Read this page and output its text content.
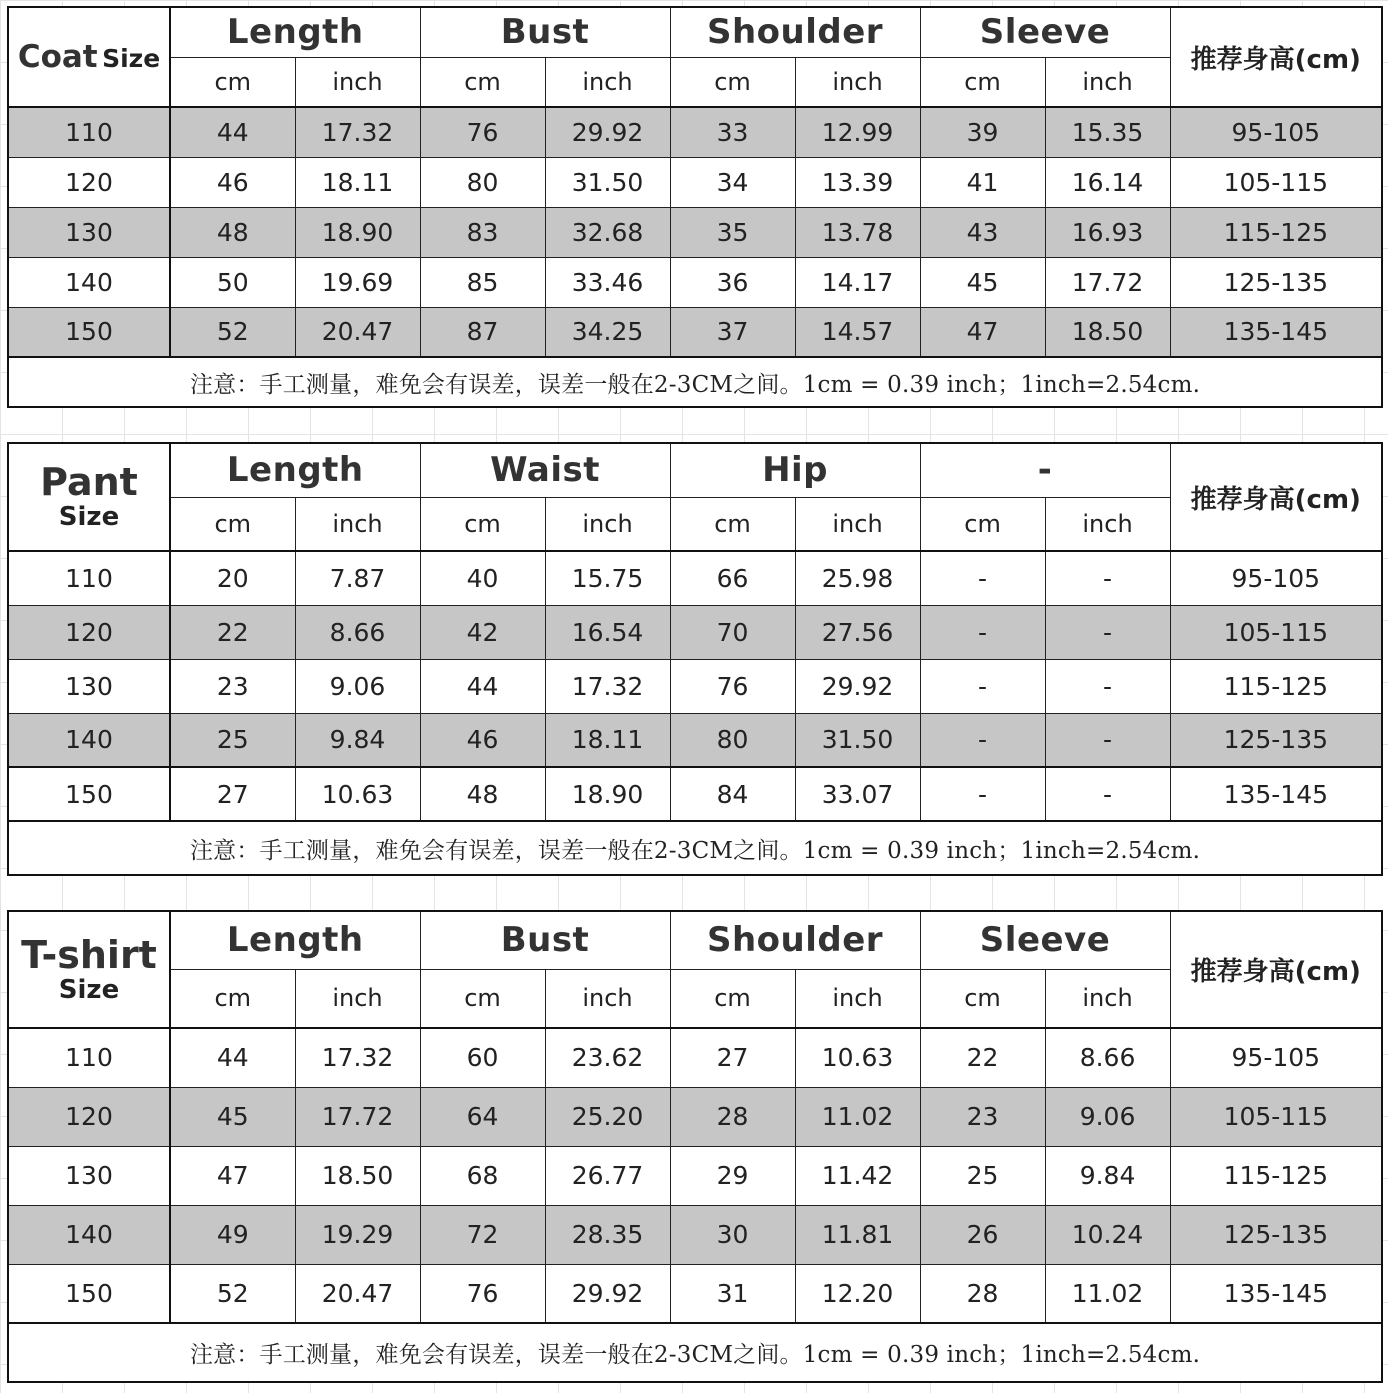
Coat Size	Length		Bust		Shoulder		Sleeve		推荐身高(cm)
	cm	inch	cm	inch	cm	inch	cm	inch	
110	44	17.32	76	29.92	33	12.99	39	15.35	95-105
120	46	18.11	80	31.50	34	13.39	41	16.14	105-115
130	48	18.90	83	32.68	35	13.78	43	16.93	115-125
140	50	19.69	85	33.46	36	14.17	45	17.72	125-135
150	52	20.47	87	34.25	37	14.57	47	18.50	135-145
注意：手工测量，难免会有误差，误差一般在2-3CM之间。1cm = 0.39 inch；1inch=2.54cm.									
Pant
Size	Length		Waist		Hip		-		推荐身高(cm)
	cm	inch	cm	inch	cm	inch	cm	inch	
110	20	7.87	40	15.75	66	25.98	-	-	95-105
120	22	8.66	42	16.54	70	27.56	-	-	105-115
130	23	9.06	44	17.32	76	29.92	-	-	115-125
140	25	9.84	46	18.11	80	31.50	-	-	125-135
150	27	10.63	48	18.90	84	33.07	-	-	135-145
注意：手工测量，难免会有误差，误差一般在2-3CM之间。1cm = 0.39 inch；1inch=2.54cm.									
T-shirt
Size	Length		Bust		Shoulder		Sleeve		推荐身高(cm)
	cm	inch	cm	inch	cm	inch	cm	inch	
110	44	17.32	60	23.62	27	10.63	22	8.66	95-105
120	45	17.72	64	25.20	28	11.02	23	9.06	105-115
130	47	18.50	68	26.77	29	11.42	25	9.84	115-125
140	49	19.29	72	28.35	30	11.81	26	10.24	125-135
150	52	20.47	76	29.92	31	12.20	28	11.02	135-145
注意：手工测量，难免会有误差，误差一般在2-3CM之间。1cm = 0.39 inch；1inch=2.54cm.									
